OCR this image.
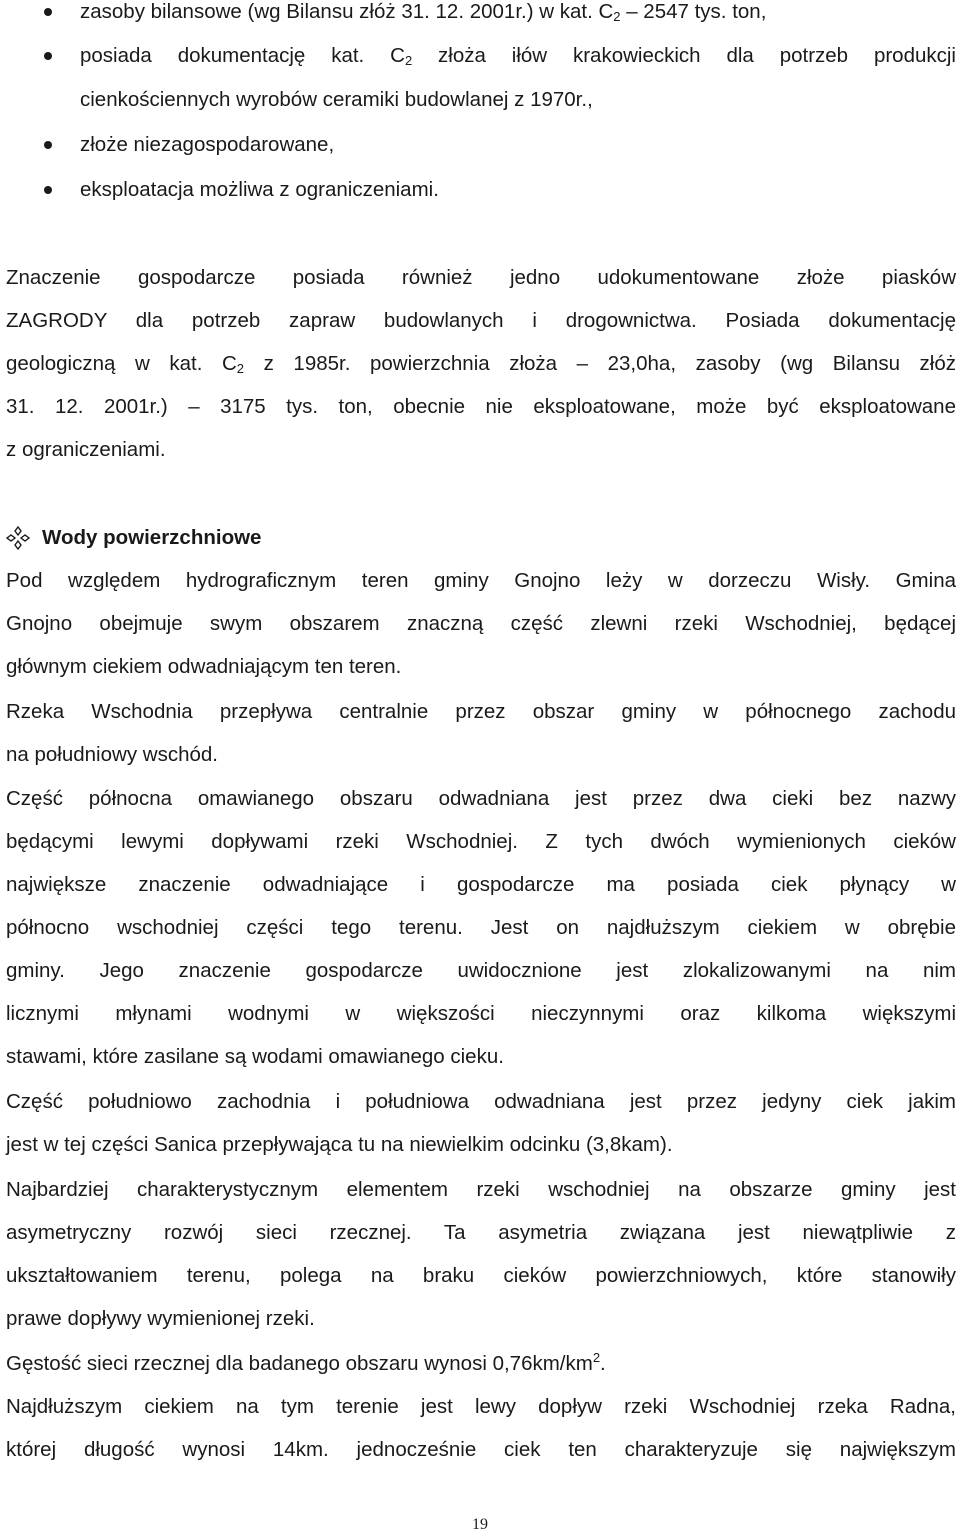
zasoby bilansowe (wg Bilansu złóż 31. 12. 2001r.) w kat. $C_2 - 2547$ tys. ton,
posiada dokumentację kat. $C_2$ złoża iłów krakowieckich dla potrzeb produkcji
cienkościennych wyrobów ceramiki budowlanej z 1970r.,
złoże niezagospodarowane,
eksploatacja możliwa z ograniczeniami.
Znaczenie gospodarcze posiada również jedno udokumentowane złoże piasków
ZAGRODY dla potrzeb zapraw budowlanych i drogownictwa. Posiada dokumentację
geologiczną w kat. $C_2$ z 1985r. powierzchnia złoża – 23,0ha, zasoby (wg Bilansu złóż
31. 12. 2001r.) – 3175 tys. ton, obecnie nie eksploatowane, może być eksploatowane
z ograniczeniami.
Wody powierzchniowe
Pod względem hydrograficznym teren gminy Gnojno leży w dorzeczu Wisły. Gmina
Gnojno obejmuje swym obszarem znaczną część zlewni rzeki Wschodniej, będącej
głównym ciekiem odwadniającym ten teren.
Rzeka Wschodnia przepływa centralnie przez obszar gminy w północnego zachodu
na południowy wschód.
Część północna omawianego obszaru odwadniana jest przez dwa cieki bez nazwy
będącymi lewymi dopływami rzeki Wschodniej. Z tych dwóch wymienionych cieków
największe znaczenie odwadniające i gospodarcze ma posiada ciek płynący w
północno wschodniej części tego terenu. Jest on najdłuższym ciekiem w obrębie
gminy. Jego znaczenie gospodarcze uwidocznione jest zlokalizowanymi na nim
licznymi młynami wodnymi w większości nieczynnymi oraz kilkoma większymi
stawami, które zasilane są wodami omawianego cieku.
Część południowo zachodnia i południowa odwadniana jest przez jedyny ciek jakim
jest w tej części Sanica przepływająca tu na niewielkim odcinku (3,8kam).
Najbardziej charakterystycznym elementem rzeki wschodniej na obszarze gminy jest
asymetryczny rozwój sieci rzecznej. Ta asymetria związana jest niewątpliwie z
ukształtowaniem terenu, polega na braku cieków powierzchniowych, które stanowiły
prawe dopływy wymienionej rzeki.
Gęstość sieci rzecznej dla badanego obszaru wynosi $0,76km/km^2$.
Najdłuższym ciekiem na tym terenie jest lewy dopływ rzeki Wschodniej rzeka Radna,
której długość wynosi 14km. jednocześnie ciek ten charakteryzuje się największym
19
